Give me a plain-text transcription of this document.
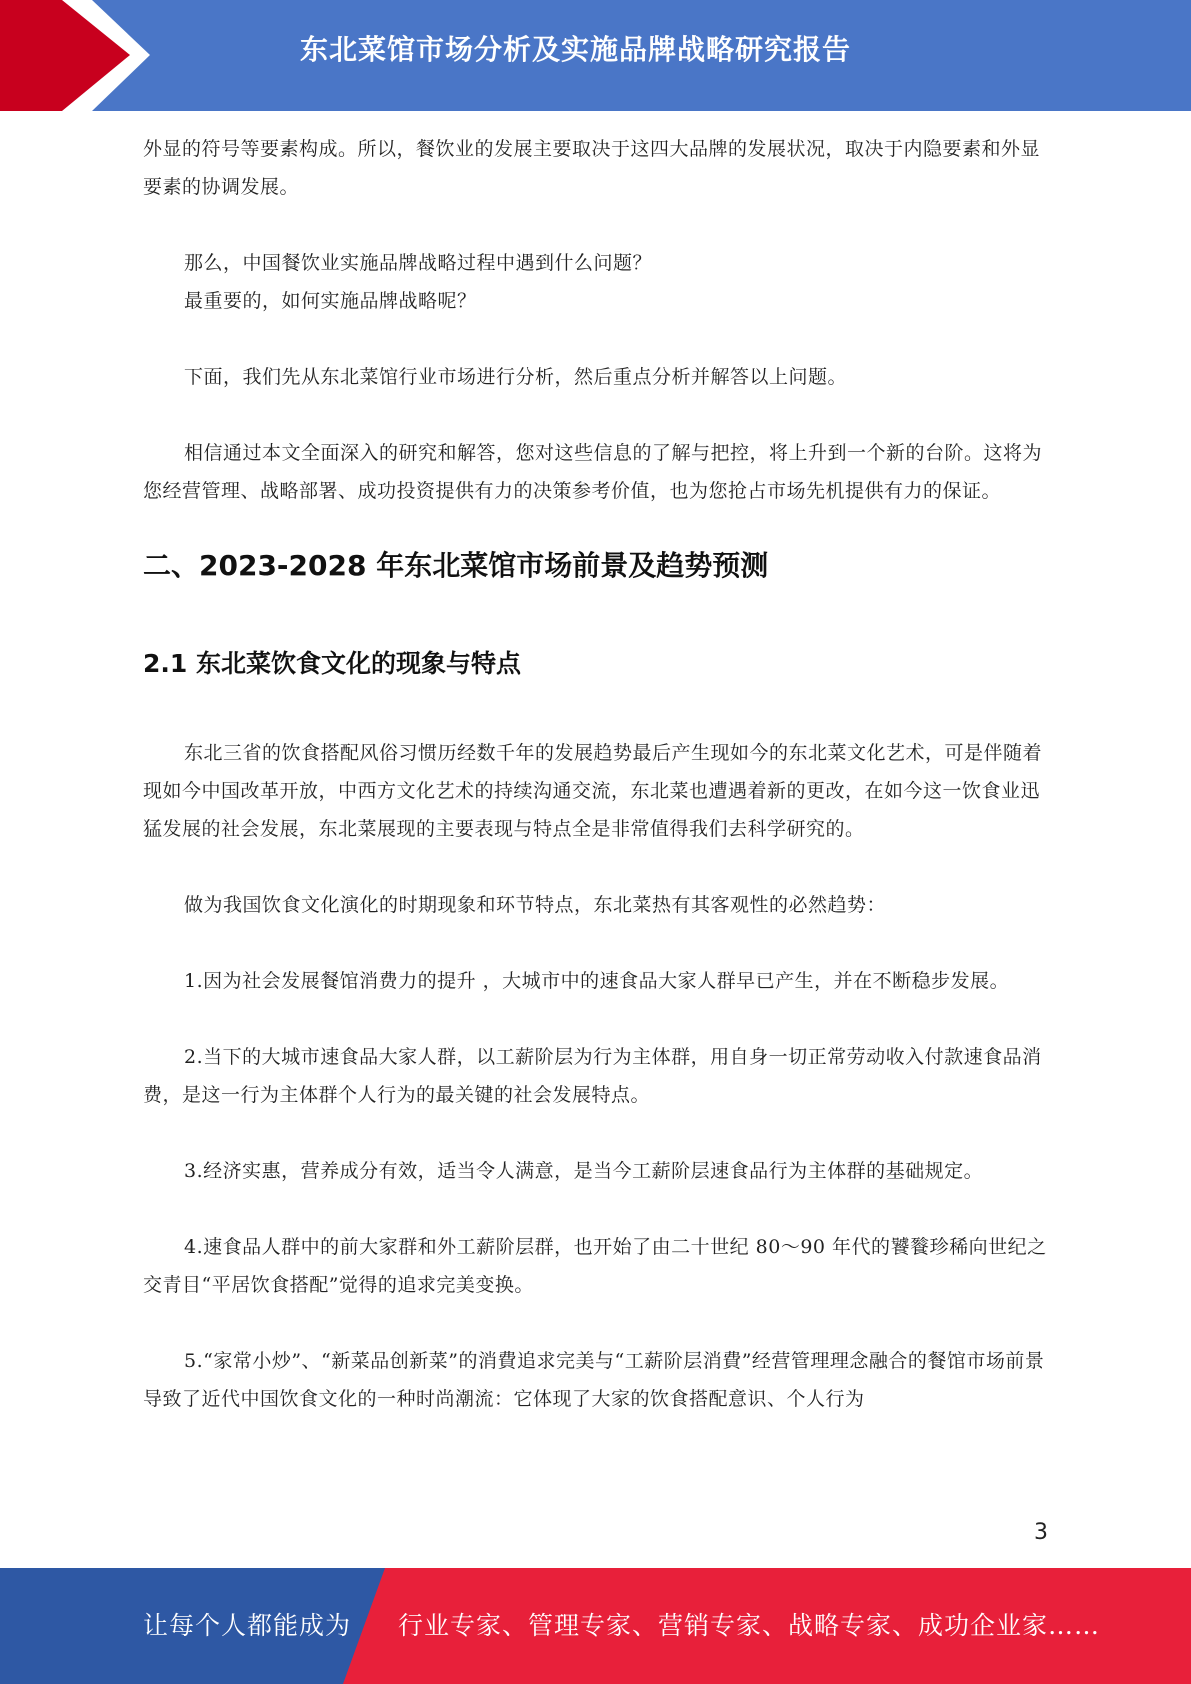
东北菜馆市场分析及实施品牌战略研究报告

外显的符号等要素构成。所以，餐饮业的发展主要取决于这四大品牌的发展状况，取决于内隐要素和外显要素的协调发展。

那么，中国餐饮业实施品牌战略过程中遇到什么问题？

最重要的，如何实施品牌战略呢？

下面，我们先从东北菜馆行业市场进行分析，然后重点分析并解答以上问题。

相信通过本文全面深入的研究和解答，您对这些信息的了解与把控，将上升到一个新的台阶。这将为您经营管理、战略部署、成功投资提供有力的决策参考价值，也为您抢占市场先机提供有力的保证。

二、2023-2028 年东北菜馆市场前景及趋势预测
2.1 东北菜饮食文化的现象与特点

东北三省的饮食搭配风俗习惯历经数千年的发展趋势最后产生现如今的东北菜文化艺术，可是伴随着现如今中国改革开放，中西方文化艺术的持续沟通交流，东北菜也遭遇着新的更改，在如今这一饮食业迅猛发展的社会发展，东北菜展现的主要表现与特点全是非常值得我们去科学研究的。

做为我国饮食文化演化的时期现象和环节特点，东北菜热有其客观性的必然趋势：

1.因为社会发展餐馆消费力的提升 ，大城市中的速食品大家人群早已产生，并在不断稳步发展。

2.当下的大城市速食品大家人群，以工薪阶层为行为主体群，用自身一切正常劳动收入付款速食品消费，是这一行为主体群个人行为的最关键的社会发展特点。

3.经济实惠，营养成分有效，适当令人满意，是当今工薪阶层速食品行为主体群的基础规定。

4.速食品人群中的前大家群和外工薪阶层群，也开始了由二十世纪 80～90 年代的饕餮珍稀向世纪之交青目“平居饮食搭配”觉得的追求完美变换。

5.“家常小炒”、“新菜品创新菜”的消費追求完美与“工薪阶层消費”经营管理理念融合的餐馆市场前景导致了近代中国饮食文化的一种时尚潮流：它体现了大家的饮食搭配意识、个人行为

3
让每个人都能成为 行业专家、管理专家、营销专家、战略专家、成功企业家……
